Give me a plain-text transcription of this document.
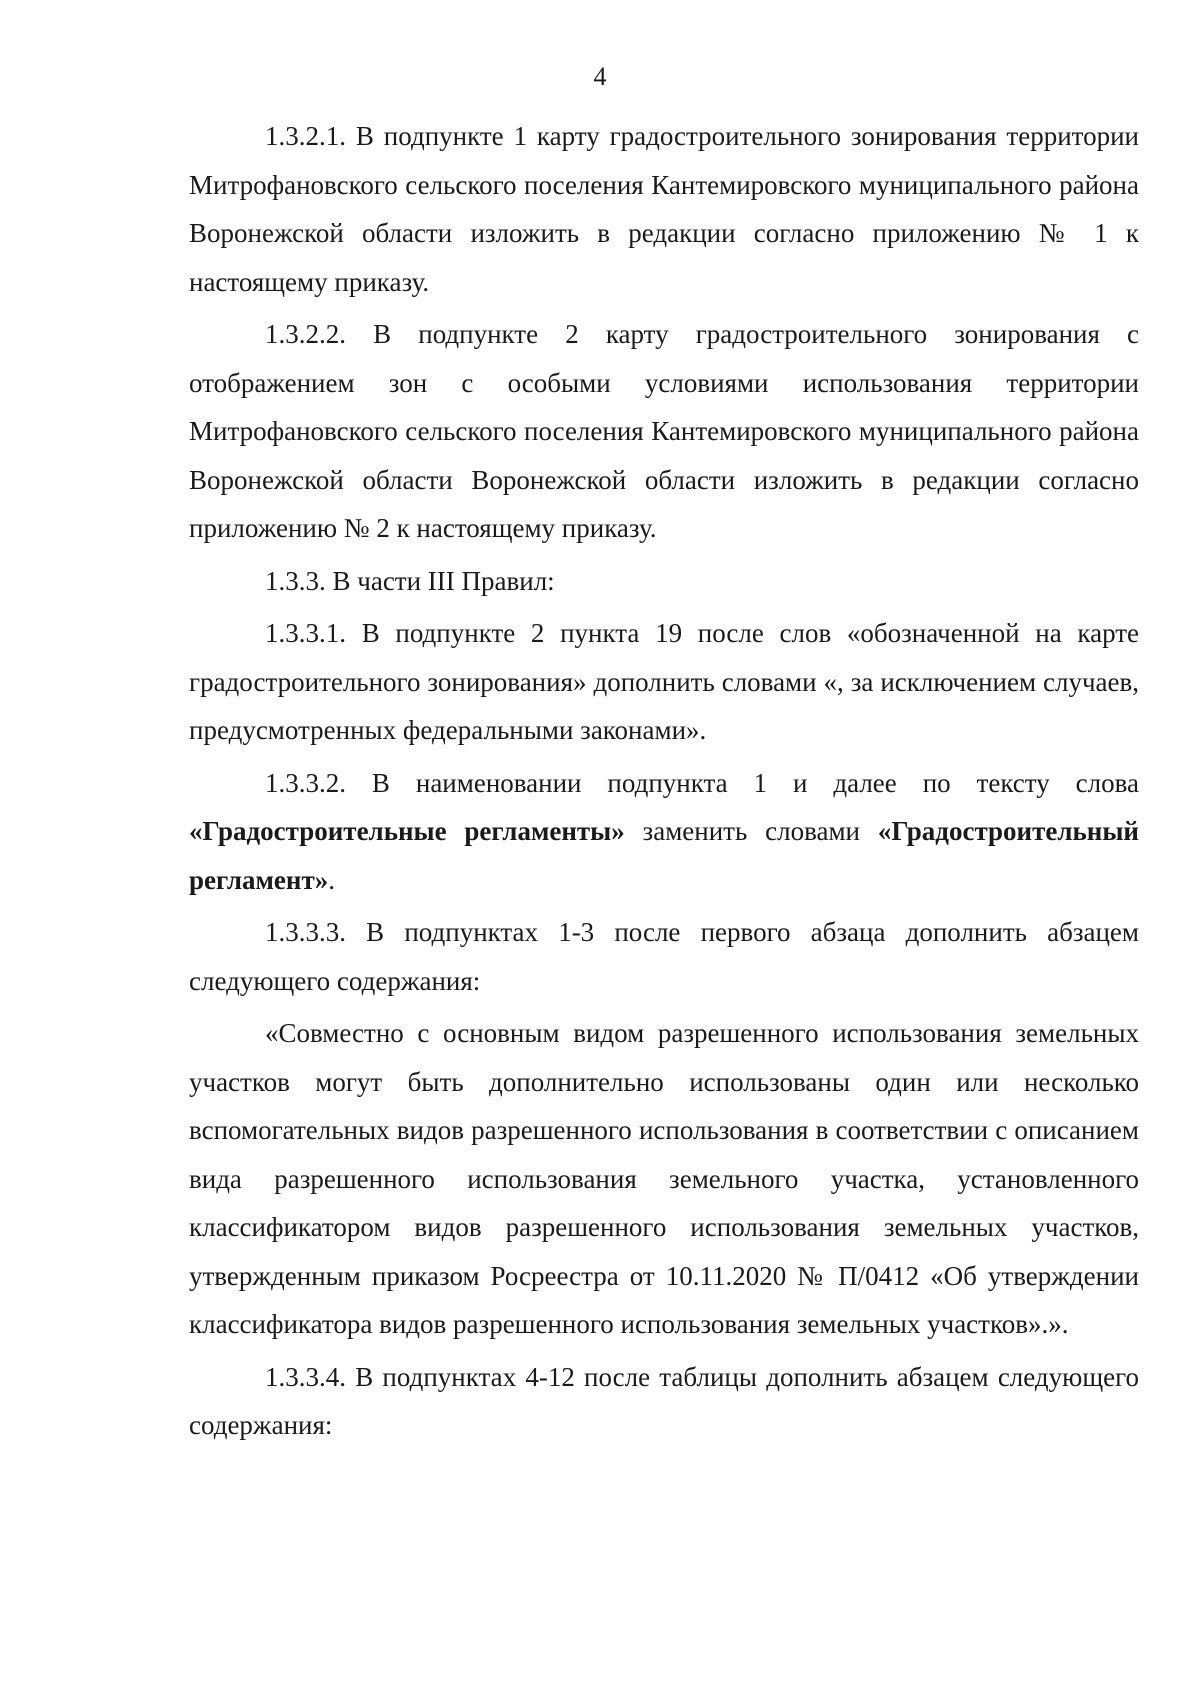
4

1.3.2.1. В подпункте 1 карту градостроительного зонирования территории Митрофановского сельского поселения Кантемировского муниципального района Воронежской области изложить в редакции согласно приложению № 1 к настоящему приказу.

1.3.2.2. В подпункте 2 карту градостроительного зонирования с отображением зон с особыми условиями использования территории Митрофановского сельского поселения Кантемировского муниципального района Воронежской области Воронежской области изложить в редакции согласно приложению № 2 к настоящему приказу.

1.3.3. В части III Правил:

1.3.3.1. В подпункте 2 пункта 19 после слов «обозначенной на карте градостроительного зонирования» дополнить словами «, за исключением случаев, предусмотренных федеральными законами».

1.3.3.2. В наименовании подпункта 1 и далее по тексту слова «Градостроительные регламенты» заменить словами «Градостроительный регламент».

1.3.3.3. В подпунктах 1-3 после первого абзаца дополнить абзацем следующего содержания:

«Совместно с основным видом разрешенного использования земельных участков могут быть дополнительно использованы один или несколько вспомогательных видов разрешенного использования в соответствии с описанием вида разрешенного использования земельного участка, установленного классификатором видов разрешенного использования земельных участков, утвержденным приказом Росреестра от 10.11.2020 № П/0412 «Об утверждении классификатора видов разрешенного использования земельных участков».».

1.3.3.4. В подпунктах 4-12 после таблицы дополнить абзацем следующего содержания:
